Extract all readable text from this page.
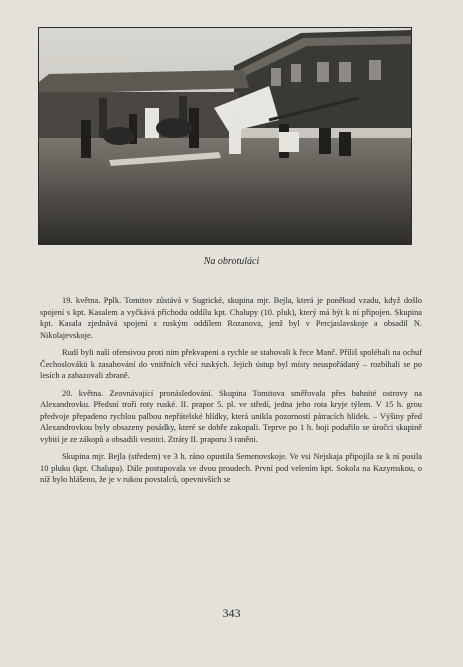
Na obrotuláci

19. května. Pplk. Tomitov zůstává v Sugrické, skupina mjr. Bejla, která je poněkud vzadu, když došlo spojení s kpt. Kasalem a vyčkává příchodu oddílu kpt. Chalupy (10. pluk), který má být k ní připojen. Skupina kpt. Kasala zjednává spojení s ruským oddílem Rozanova, jenž byl v Percjaslavskoje a obsadil N. Nikolajevskoje.

Rudí byli naší ofensivou proti nim překvapeni a rychle se stahovali k řece Manč. Příliš spoléhali na ochuf Čechoslovákü k zasahování do vnitřních věcí ruských. Jejich ústup byl místy neuspořádaný – rozbíhali se po lesích a zahazovali zbraně.

20. května. Zeovnávající pronásledování. Skupina Tomitova směřovala přes bahnité ostrovy na Alexandrovku. Předsní troři roty ruské. II. prapor 5. pl. ve středí, jedna jeho rota kryje týlem. V 15 h. grou předvoje přepadeno rychlou palbou nepřátelské hlídky, která unikla pozorností pátracích hlídek. – Výšiny před Alexandrovkou byly obsazeny posádky, které se dobře zakopali. Teprve po 1 h. boji podařilo se úročci skupině vybití je ze zákopů a obsadili vesnici. Ztráty II. praporu 3 raněni.

Skupina mjr. Bejla (středem) ve 3 h. ráno opustila Semenovskoje. Ve vsi Nejskaja připojila se k ní posila 10 pluku (kpt. Chalupa). Dále postupovala ve dvou proudech. První pod velením kpt. Sokola na Kazymskou, o níž bylo hlášeno, že je v rukou povstalců, opevnivších se

343
